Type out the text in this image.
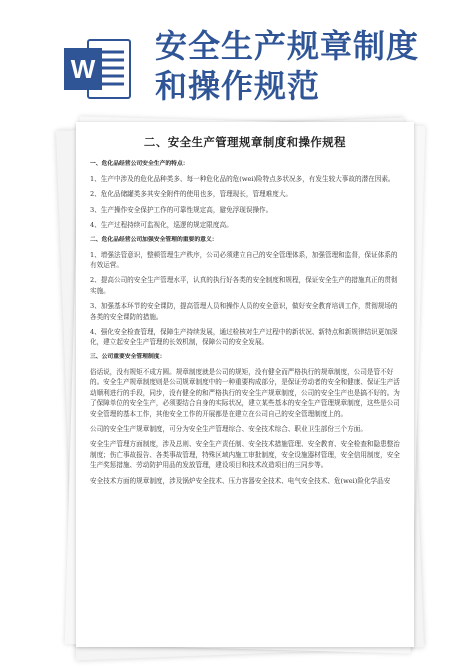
W
安全生产规章制度
和操作规范
二、安全生产管理规章制度和操作规程
一、危化品经营公司安全生产的特点：
1、生产中涉及的危化品种类多、每一种危化品的危(wei)险特点多状况多，有发生较大事故的潜在因素。
2、危化品储罐类多其安全附件的使用也多，管理现长，管理难度大。
3、生产操作安全保护工作的可靠性规定高，避免浮现误操作。
4、生产过程持续可监视化，巡逻的规定限度高。
二、危化品经营公司加强安全管理的重要的意义：
1、增强法管意识，整顿管理生产秩序，公司必须建立自己的安全管理体系，加强管理和监督，保证体系的有效运营。
2、提高公司的安全生产管理水平，认真的执行好各类的安全制度和规程，保证安全生产的措施真正的贯彻实施。
3、加强基本环节的安全课防，提高管理人员和操作人员的安全意识，做好安全教育培训工作，贯彻规场的各类的安全课防的措施。
4、强化安全检查管理，保障生产持续发展，通过检核对生产过程中的新状况、新特点和新规律结识更加深化，建立起安全生产管理的长效机制，保障公司的安全发展。
三、公司重要安全管理制度：
俗话说，没有规矩不成方圆。规章制度就是公司的规矩，没有健全而严格执行的规章制度，公司是管不好的。安全生产规章制度则是公司规章制度中的一种重要构成部分，是保证劳动者的安全和健康、保证生产活动顺利进行的手段，同步，没有健全的和严格执行的安全生产规章制度，公司的安全生产也是搞不好的。为了保障单位的安全生产，必须要结合自身的实际状况，建立某些基本的安全生产管理规章制度，这些是公司安全管理的基本工作，其他安全工作的开展都是在建立在公司自己的安全管理制度上的。
公司的安全生产规章制度，可分为安全生产管理综合、安全技术综合、职业卫生部份三个方面。
安全生产管理方面制度，涉及总则、安全生产责任制、安全技术措施管理、安全教育、安全检查和隐患整治制度；伤亡事故报告、各类事故管理，特殊区域内施工审批制度，安全设施器材管理，安全信用制度，安全生产奖惩措施、劳动防护用品的发放管理，建设项目和技术改造项目的三同步等。
安全技术方面的规章制度，涉及锅炉安全技术、压力容器安全技术、电气安全技术、危(wei)险化学品安
